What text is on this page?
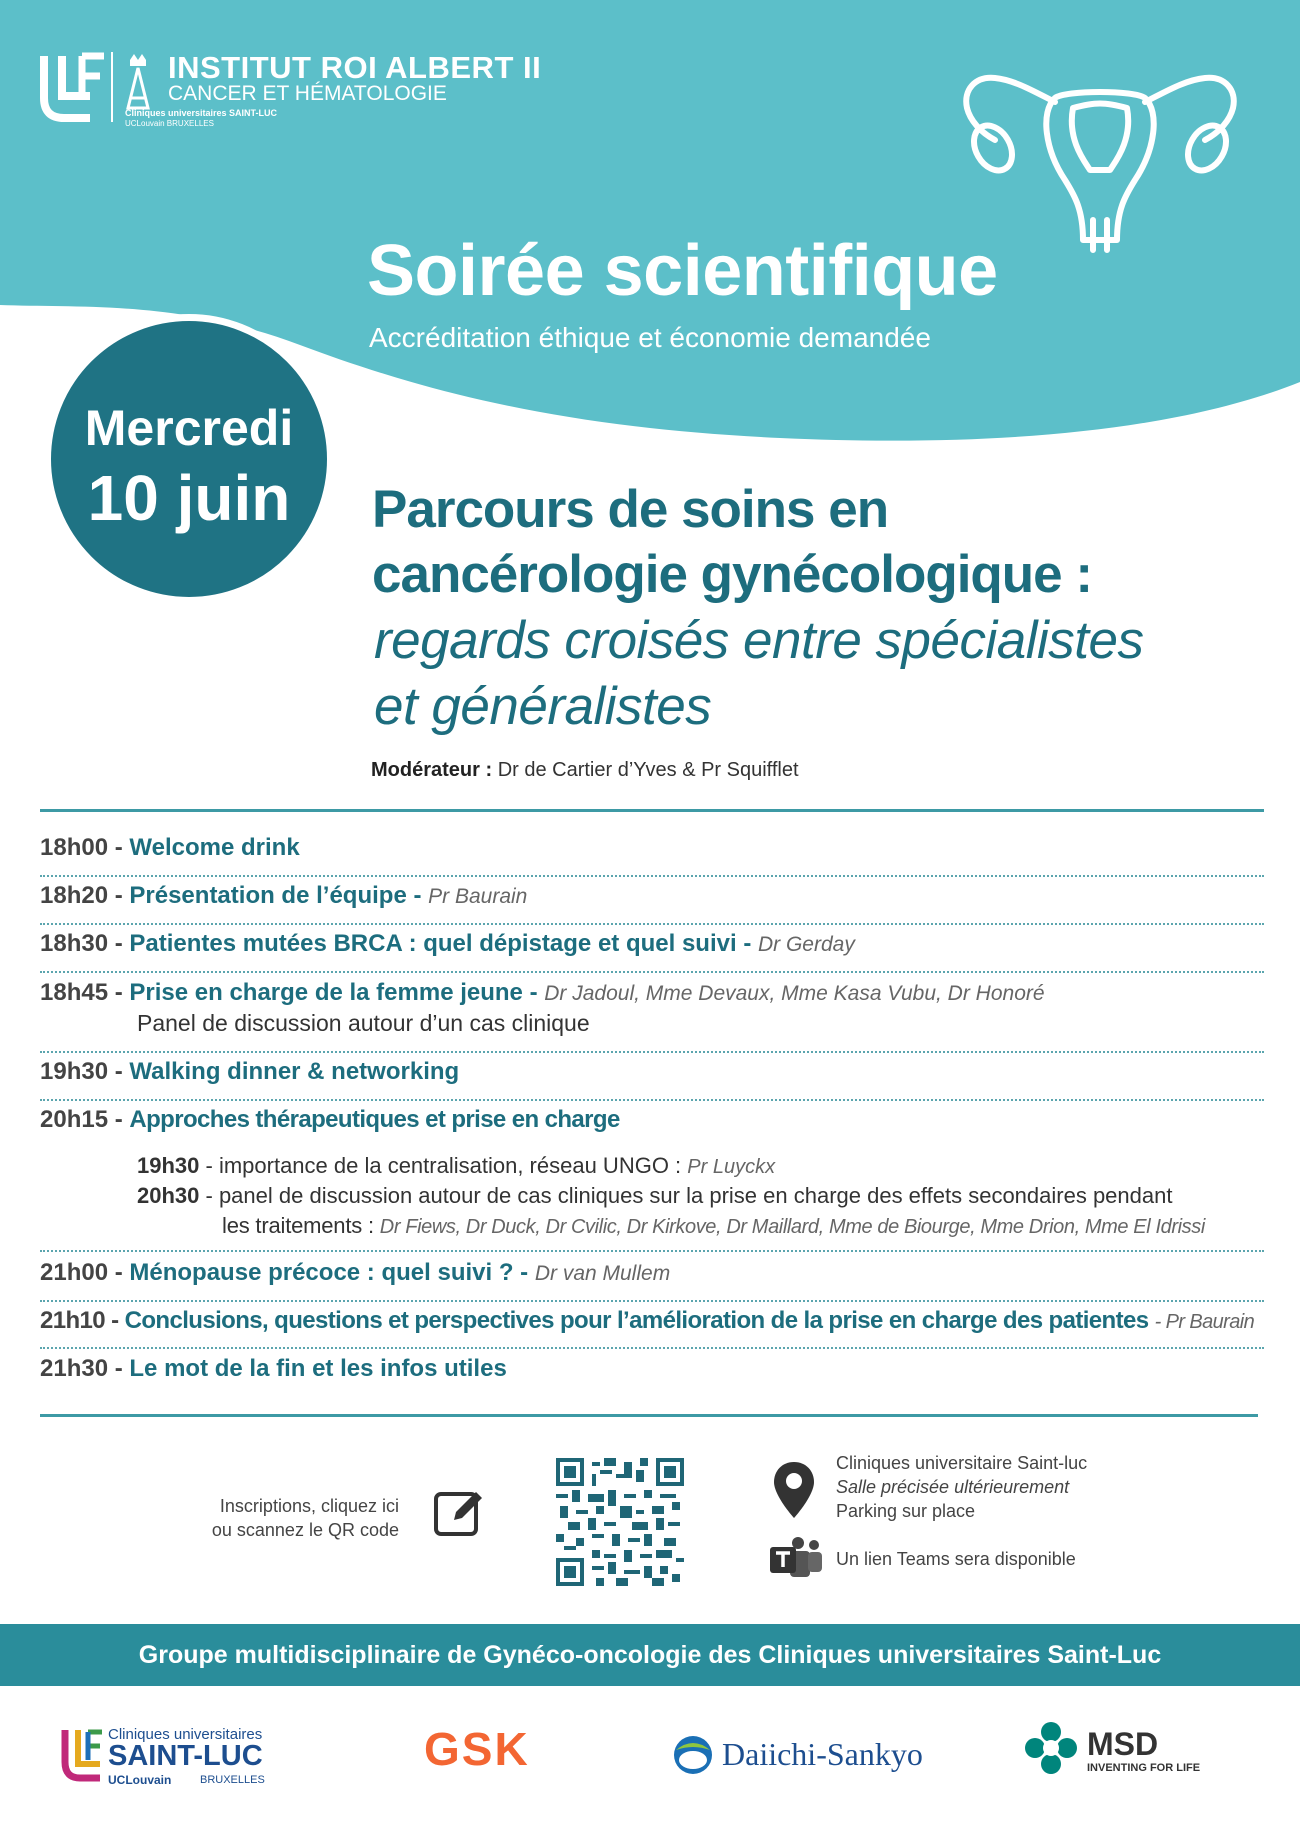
INSTITUT ROI ALBERT II
CANCER ET HÉMATOLOGIE
Cliniques universitaires SAINT-LUC
UCLouvain BRUXELLES
Soirée scientifique
Accréditation éthique et économie demandée
Mercredi
10 juin	Parcours de soins en
cancérologie gynécologique :
regards croisés entre spécialistes
et généralistes
Modérateur : Dr de Cartier d’Yves & Pr Squifflet
18h00 - Welcome drink
18h20 - Présentation de l’équipe - Pr Baurain
18h30 - Patientes mutées BRCA : quel dépistage et quel suivi - Dr Gerday
18h45 - Prise en charge de la femme jeune - Dr Jadoul, Mme Devaux, Mme Kasa Vubu, Dr Honoré
Panel de discussion autour d’un cas clinique
19h30 - Walking dinner & networking
20h15 - Approches thérapeutiques et prise en charge
19h30 - importance de la centralisation, réseau UNGO : Pr Luyckx
20h30 - panel de discussion autour de cas cliniques sur la prise en charge des effets secondaires pendant
les traitements : Dr Fiews, Dr Duck, Dr Cvilic, Dr Kirkove, Dr Maillard, Mme de Biourge, Mme Drion, Mme El Idrissi
21h00 - Ménopause précoce : quel suivi ? - Dr van Mullem
21h10 - Conclusions, questions et perspectives pour l’amélioration de la prise en charge des patientes - Pr Baurain
21h30 - Le mot de la fin et les infos utiles
Inscriptions, cliquez ici
ou scannez le QR code
Cliniques universitaire Saint-luc
Salle précisée ultérieurement
Parking sur place
Un lien Teams sera disponible
Groupe multidisciplinaire de Gynéco-oncologie des Cliniques universitaires Saint-Luc
Cliniques universitaires
SAINT-LUC
UCLouvain	BRUXELLES
GSK	Daiichi-Sankyo	MSD
INVENTING FOR LIFE
